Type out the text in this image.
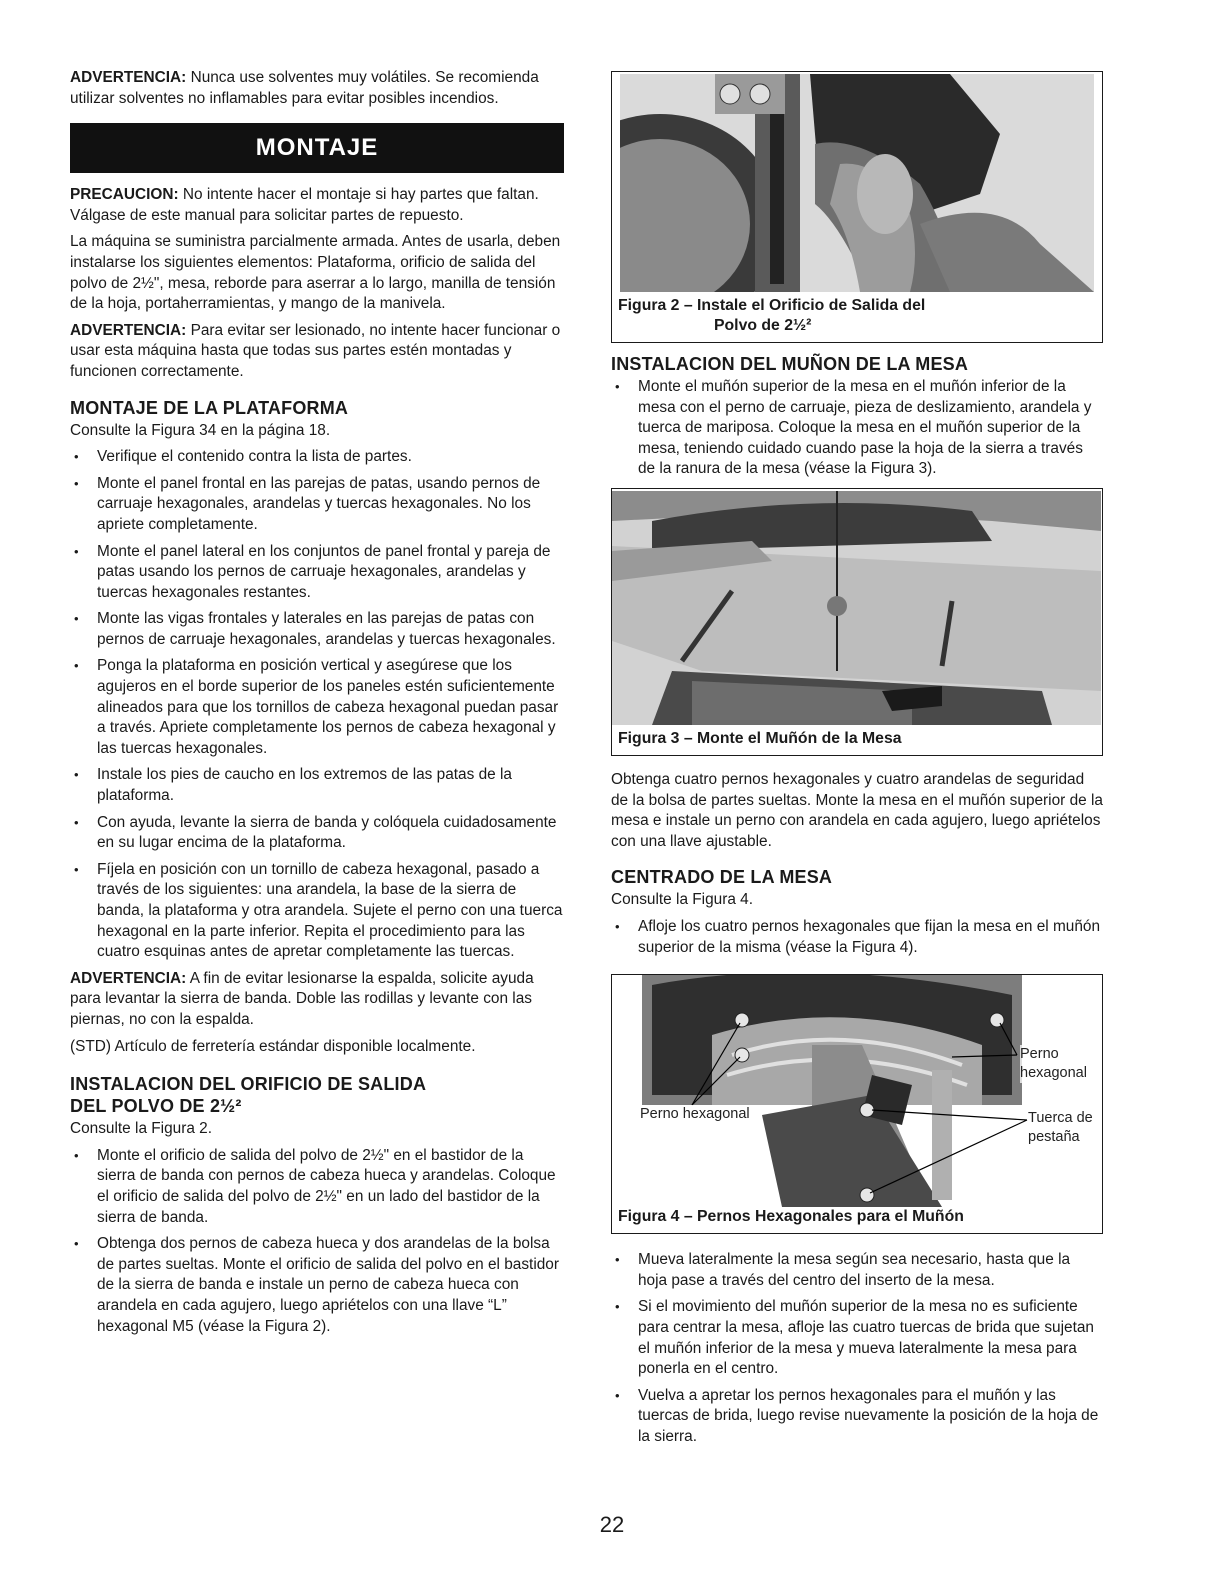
ADVERTENCIA: Nunca use solventes muy volátiles. Se recomienda utilizar solventes no inflamables para evitar posibles incendios.

MONTAJE

PRECAUCION: No intente hacer el montaje si hay partes que faltan. Válgase de este manual para solicitar partes de repuesto.

La máquina se suministra parcialmente armada. Antes de usarla, deben instalarse los siguientes elementos: Plataforma, orificio de salida del polvo de 2½", mesa, reborde para aserrar a lo largo, manilla de tensión de la hoja, portaherramientas, y mango de la manivela.

ADVERTENCIA: Para evitar ser lesionado, no intente hacer funcionar o usar esta máquina hasta que todas sus partes estén montadas y funcionen correctamente.

MONTAJE DE LA PLATAFORMA

Consulte la Figura 34 en la página 18.

• Verifique el contenido contra la lista de partes.
• Monte el panel frontal en las parejas de patas, usando pernos de carruaje hexagonales, arandelas y tuercas hexagonales. No los apriete completamente.
• Monte el panel lateral en los conjuntos de panel frontal y pareja de patas usando los pernos de carruaje hexagonales, arandelas y tuercas hexagonales restantes.
• Monte las vigas frontales y laterales en las parejas de patas con pernos de carruaje hexagonales, arandelas y tuercas hexagonales.
• Ponga la plataforma en posición vertical y asegúrese que los agujeros en el borde superior de los paneles estén suficientemente alineados para que los tornillos de cabeza hexagonal puedan pasar a través. Apriete completamente los pernos de cabeza hexagonal y las tuercas hexagonales.
• Instale los pies de caucho en los extremos de las patas de la plataforma.
• Con ayuda, levante la sierra de banda y colóquela cuidadosamente en su lugar encima de la plataforma.
• Fíjela en posición con un tornillo de cabeza hexagonal, pasado a través de los siguientes: una arandela, la base de la sierra de banda, la plataforma y otra arandela. Sujete el perno con una tuerca hexagonal en la parte inferior. Repita el procedimiento para las cuatro esquinas antes de apretar completamente las tuercas.

ADVERTENCIA: A fin de evitar lesionarse la espalda, solicite ayuda para levantar la sierra de banda. Doble las rodillas y levante con las piernas, no con la espalda.

(STD) Artículo de ferretería estándar disponible localmente.

INSTALACION DEL ORIFICIO DE SALIDA
DEL POLVO DE 2½²

Consulte la Figura 2.

• Monte el orificio de salida del polvo de 2½" en el bastidor de la sierra de banda con pernos de cabeza hueca y arandelas. Coloque el orificio de salida del polvo de 2½" en un lado del bastidor de la sierra de banda.
• Obtenga dos pernos de cabeza hueca y dos arandelas de la bolsa de partes sueltas. Monte el orificio de salida del polvo en el bastidor de la sierra de banda e instale un perno de cabeza hueca con arandela en cada agujero, luego apriételos con una llave “L” hexagonal M5 (véase la Figura 2).
Figura 2 – Instale el Orificio de Salida del
Polvo de 2½²
INSTALACION DEL MUÑON DE LA MESA
• Monte el muñón superior de la mesa en el muñón inferior de la mesa con el perno de carruaje, pieza de deslizamiento, arandela y tuerca de mariposa. Coloque la mesa en el muñón superior de la mesa, teniendo cuidado cuando pase la hoja de la sierra a través de la ranura de la mesa (véase la Figura 3).
Figura 3 – Monte el Muñón de la Mesa

Obtenga cuatro pernos hexagonales y cuatro arandelas de seguridad de la bolsa de partes sueltas. Monte la mesa en el muñón superior de la mesa e instale un perno con arandela en cada agujero, luego apriételos con una llave ajustable.

CENTRADO DE LA MESA

Consulte la Figura 4.

• Afloje los cuatro pernos hexagonales que fijan la mesa en el muñón superior de la misma (véase la Figura 4).
Perno hexagonal
Perno
hexagonal
Tuerca de
pestaña
Figura 4 – Pernos Hexagonales para el Muñón
• Mueva lateralmente la mesa según sea necesario, hasta que la hoja pase a través del centro del inserto de la mesa.
• Si el movimiento del muñón superior de la mesa no es suficiente para centrar la mesa, afloje las cuatro tuercas de brida que sujetan el muñón inferior de la mesa y mueva lateralmente la mesa para ponerla en el centro.
• Vuelva a apretar los pernos hexagonales para el muñón y las tuercas de brida, luego revise nuevamente la posición de la hoja de la sierra.
22
